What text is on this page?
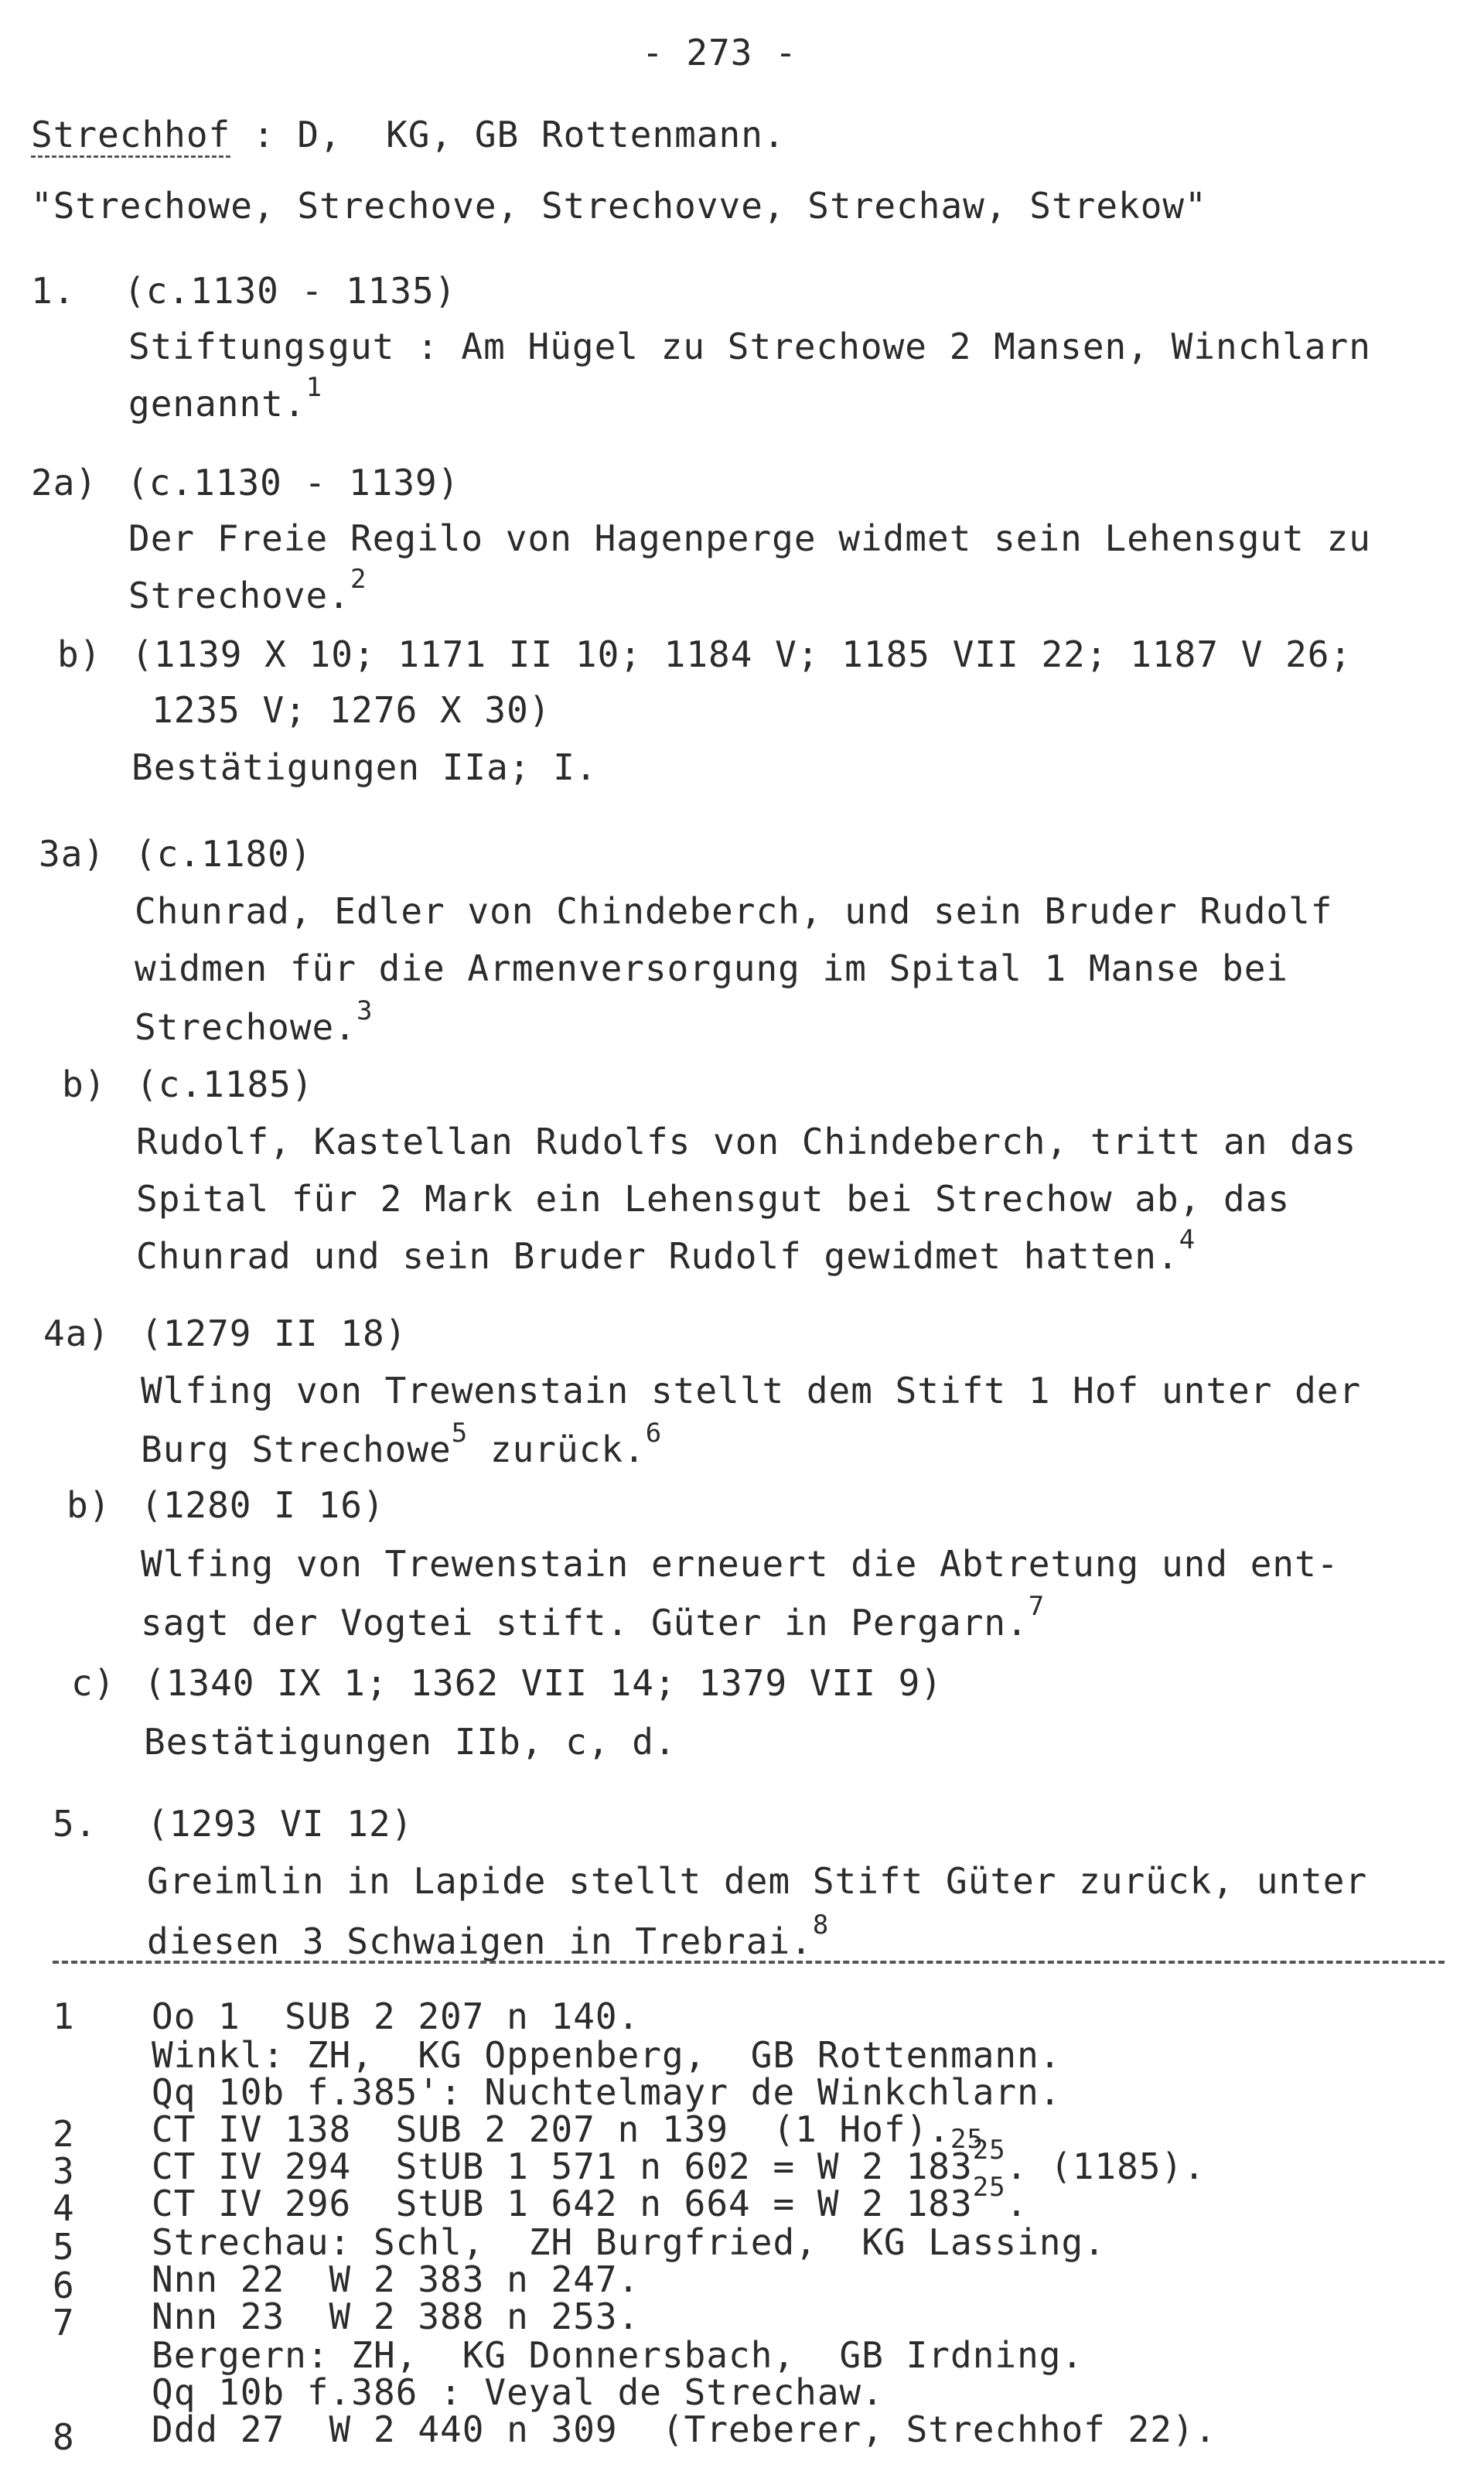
- 273 -
Strechhof : D,  KG, GB Rottenmann.
"Strechowe, Strechove, Strechovve, Strechaw, Strekow"
1. (c.1130 - 1135)
Stiftungsgut : Am Hügel zu Strechowe 2 Mansen, Winchlarn
genannt.$^1$
2a) (c.1130 - 1139)
Der Freie Regilo von Hagenperge widmet sein Lehensgut zu
Strechove.$^2$
b) (1139 X 10; 1171 II 10; 1184 V; 1185 VII 22; 1187 V 26;
1235 V; 1276 X 30)
Bestätigungen IIa; I.
3a) (c.1180)
Chunrad, Edler von Chindeberch, und sein Bruder Rudolf
widmen für die Armenversorgung im Spital 1 Manse bei
Strechowe.$^3$
b) (c.1185)
Rudolf, Kastellan Rudolfs von Chindeberch, tritt an das
Spital für 2 Mark ein Lehensgut bei Strechow ab, das
Chunrad und sein Bruder Rudolf gewidmet hatten.$^4$
4a) (1279 II 18)
Wlfing von Trewenstain stellt dem Stift 1 Hof unter der
Burg Strechowe$^5$ zurück.$^6$
b) (1280 I 16)
Wlfing von Trewenstain erneuert die Abtretung und ent-
sagt der Vogtei stift. Güter in Pergarn.$^7$
c) (1340 IX 1; 1362 VII 14; 1379 VII 9)
Bestätigungen IIb, c, d.
5. (1293 VI 12)
Greimlin in Lapide stellt dem Stift Güter zurück, unter
diesen 3 Schwaigen in Trebrai.$^8$
1 Oo 1  SUB 2 207 n 140.
Winkl: ZH,  KG Oppenberg,  GB Rottenmann.
Qq 10b f.385': Nuchtelmayr de Winkchlarn.
2 CT IV 138  SUB 2 207 n 139  (1 Hof).$^{25}$
3 CT IV 294  StUB 1 571 n 602 = W 2 $183^{25}$. (1185).
4 CT IV 296  StUB 1 642 n 664 = W 2 $183^{25}$.
5 Strechau: Schl,  ZH Burgfried,  KG Lassing.
6 Nnn 22  W 2 383 n 247.
7 Nnn 23  W 2 388 n 253.
Bergern: ZH,  KG Donnersbach,  GB Irdning.
Qq 10b f.386 : Veyal de Strechaw.
8 Ddd 27  W 2 440 n 309  (Treberer, Strechhof 22).
